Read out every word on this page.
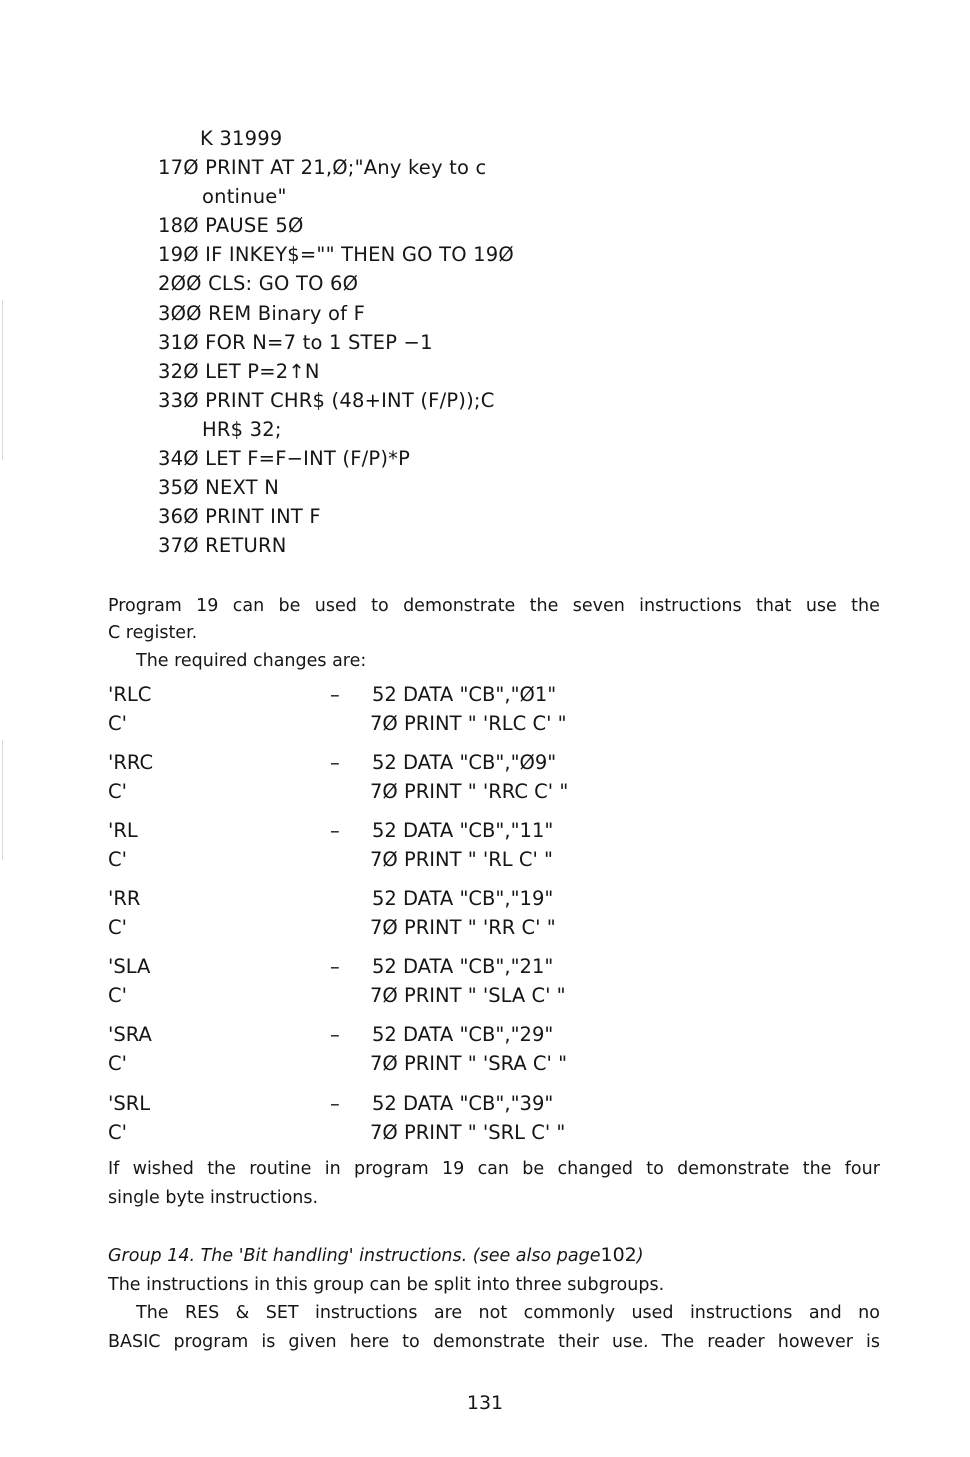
K 31999
17Ø PRINT AT 21,Ø;"Any key to c
ontinue"
18Ø PAUSE 5Ø
19Ø IF INKEY$="" THEN GO TO 19Ø
2ØØ CLS: GO TO 6Ø
3ØØ REM Binary of F
31Ø FOR N=7 to 1 STEP −1
32Ø LET P=2↑N
33Ø PRINT CHR$ (48+INT (F/P));C
HR$ 32;
34Ø LET F=F−INT (F/P)*P
35Ø NEXT N
36Ø PRINT INT F
37Ø RETURN
Program 19 can be used to demonstrate the seven instructions that use the
C register.
The required changes are:
'RLC C'
– 52 DATA "CB","Ø1"
7Ø PRINT " 'RLC C' "
'RRC C'
– 52 DATA "CB","Ø9"
7Ø PRINT " 'RRC C' "
'RL C'
– 52 DATA "CB","11"
7Ø PRINT " 'RL C' "
'RR C'
52 DATA "CB","19"
7Ø PRINT " 'RR C' "
'SLA C'
– 52 DATA "CB","21"
7Ø PRINT " 'SLA C' "
'SRA C'
– 52 DATA "CB","29"
7Ø PRINT " 'SRA C' "
'SRL C'
– 52 DATA "CB","39"
7Ø PRINT " 'SRL C' "
If wished the routine in program 19 can be changed to demonstrate the four
single byte instructions.
Group 14. The 'Bit handling' instructions. (see also page102)
The instructions in this group can be split into three subgroups.
The RES & SET instructions are not commonly used instructions and no
BASIC program is given here to demonstrate their use. The reader however is
131
